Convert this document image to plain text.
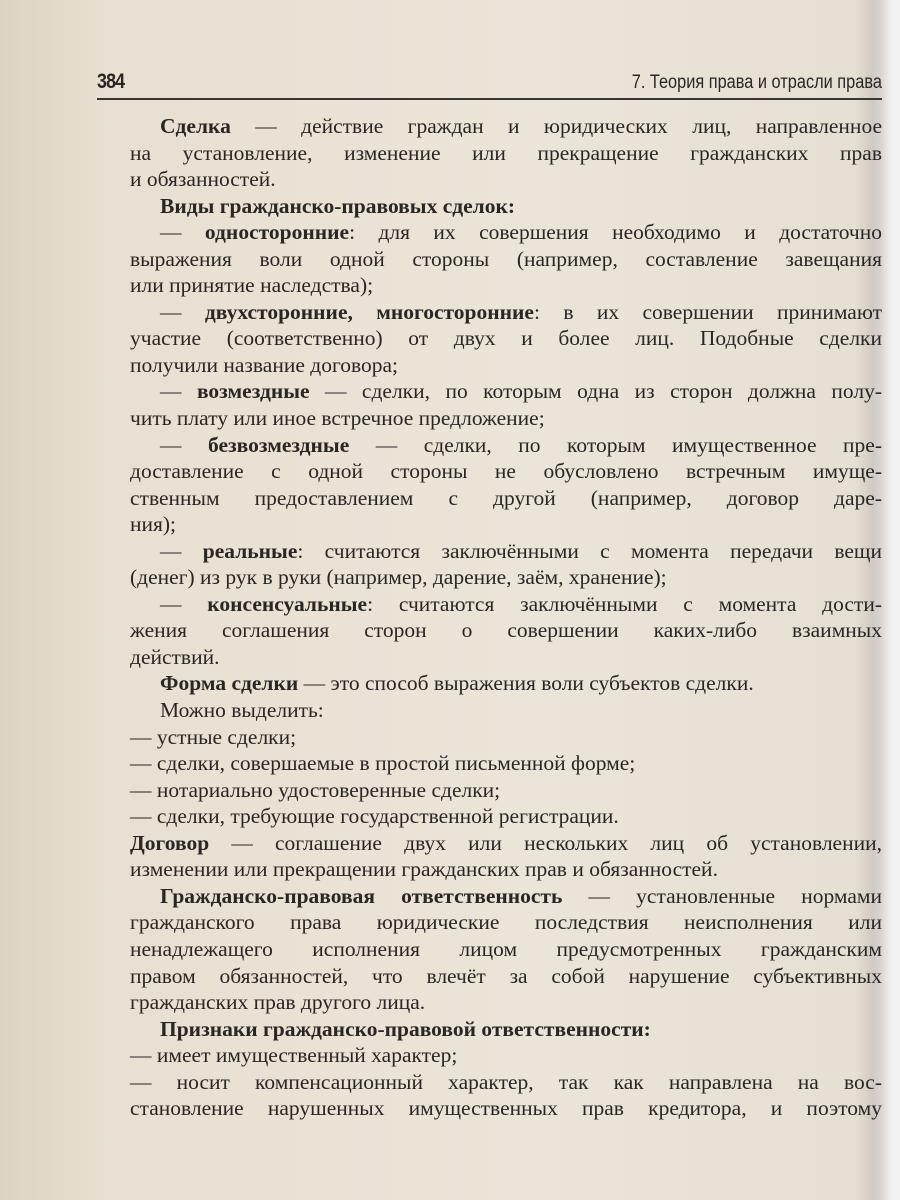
384	7. Теория права и отрасли права
Сделка — действие граждан и юридических лиц, направленное
на установление, изменение или прекращение гражданских прав
и обязанностей.
Виды гражданско-правовых сделок:
— односторонние: для их совершения необходимо и достаточно
выражения воли одной стороны (например, составление завещания
или принятие наследства);
— двухсторонние, многосторонние: в их совершении принимают
участие (соответственно) от двух и более лиц. Подобные сделки
получили название договора;
— возмездные — сделки, по которым одна из сторон должна полу-
чить плату или иное встречное предложение;
— безвозмездные — сделки, по которым имущественное пре-
доставление с одной стороны не обусловлено встречным имуще-
ственным предоставлением с другой (например, договор даре-
ния);
— реальные: считаются заключёнными с момента передачи вещи
(денег) из рук в руки (например, дарение, заём, хранение);
— консенсуальные: считаются заключёнными с момента дости-
жения соглашения сторон о совершении каких-либо взаимных
действий.
Форма сделки — это способ выражения воли субъектов сделки.
Можно выделить:
— устные сделки;
— сделки, совершаемые в простой письменной форме;
— нотариально удостоверенные сделки;
— сделки, требующие государственной регистрации.
Договор — соглашение двух или нескольких лиц об установлении,
изменении или прекращении гражданских прав и обязанностей.
Гражданско-правовая ответственность — установленные нормами
гражданского права юридические последствия неисполнения или
ненадлежащего исполнения лицом предусмотренных гражданским
правом обязанностей, что влечёт за собой нарушение субъективных
гражданских прав другого лица.
Признаки гражданско-правовой ответственности:
— имеет имущественный характер;
— носит компенсационный характер, так как направлена на вос-
становление нарушенных имущественных прав кредитора, и поэтому
